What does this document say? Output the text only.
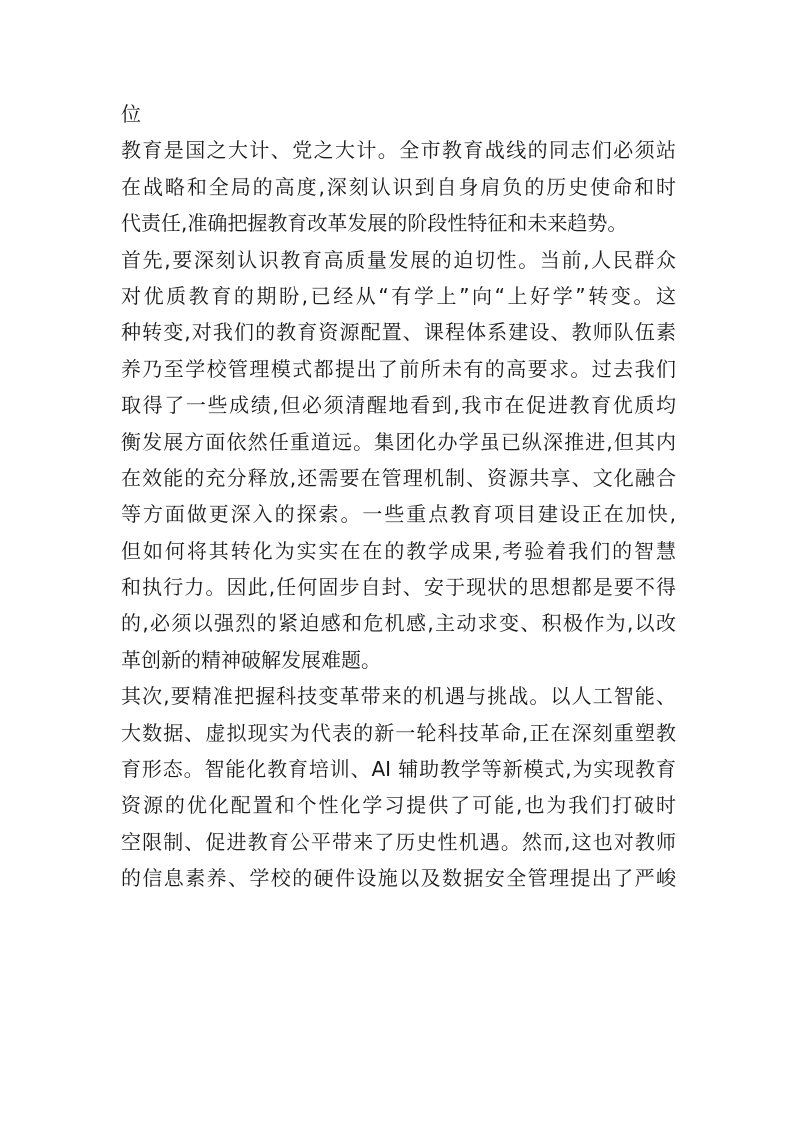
位
教育是国之大计、党之大计。全市教育战线的同志们必须站
在战略和全局的高度,深刻认识到自身肩负的历史使命和时
代责任,准确把握教育改革发展的阶段性特征和未来趋势。
首先,要深刻认识教育高质量发展的迫切性。当前,人民群众
对优质教育的期盼,已经从“有学上”向“上好学”转变。这
种转变,对我们的教育资源配置、课程体系建设、教师队伍素
养乃至学校管理模式都提出了前所未有的高要求。过去我们
取得了一些成绩,但必须清醒地看到,我市在促进教育优质均
衡发展方面依然任重道远。集团化办学虽已纵深推进,但其内
在效能的充分释放,还需要在管理机制、资源共享、文化融合
等方面做更深入的探索。一些重点教育项目建设正在加快,
但如何将其转化为实实在在的教学成果,考验着我们的智慧
和执行力。因此,任何固步自封、安于现状的思想都是要不得
的,必须以强烈的紧迫感和危机感,主动求变、积极作为,以改
革创新的精神破解发展难题。
其次,要精准把握科技变革带来的机遇与挑战。以人工智能、
大数据、虚拟现实为代表的新一轮科技革命,正在深刻重塑教
育形态。智能化教育培训、AI 辅助教学等新模式,为实现教育
资源的优化配置和个性化学习提供了可能,也为我们打破时
空限制、促进教育公平带来了历史性机遇。然而,这也对教师
的信息素养、学校的硬件设施以及数据安全管理提出了严峻
